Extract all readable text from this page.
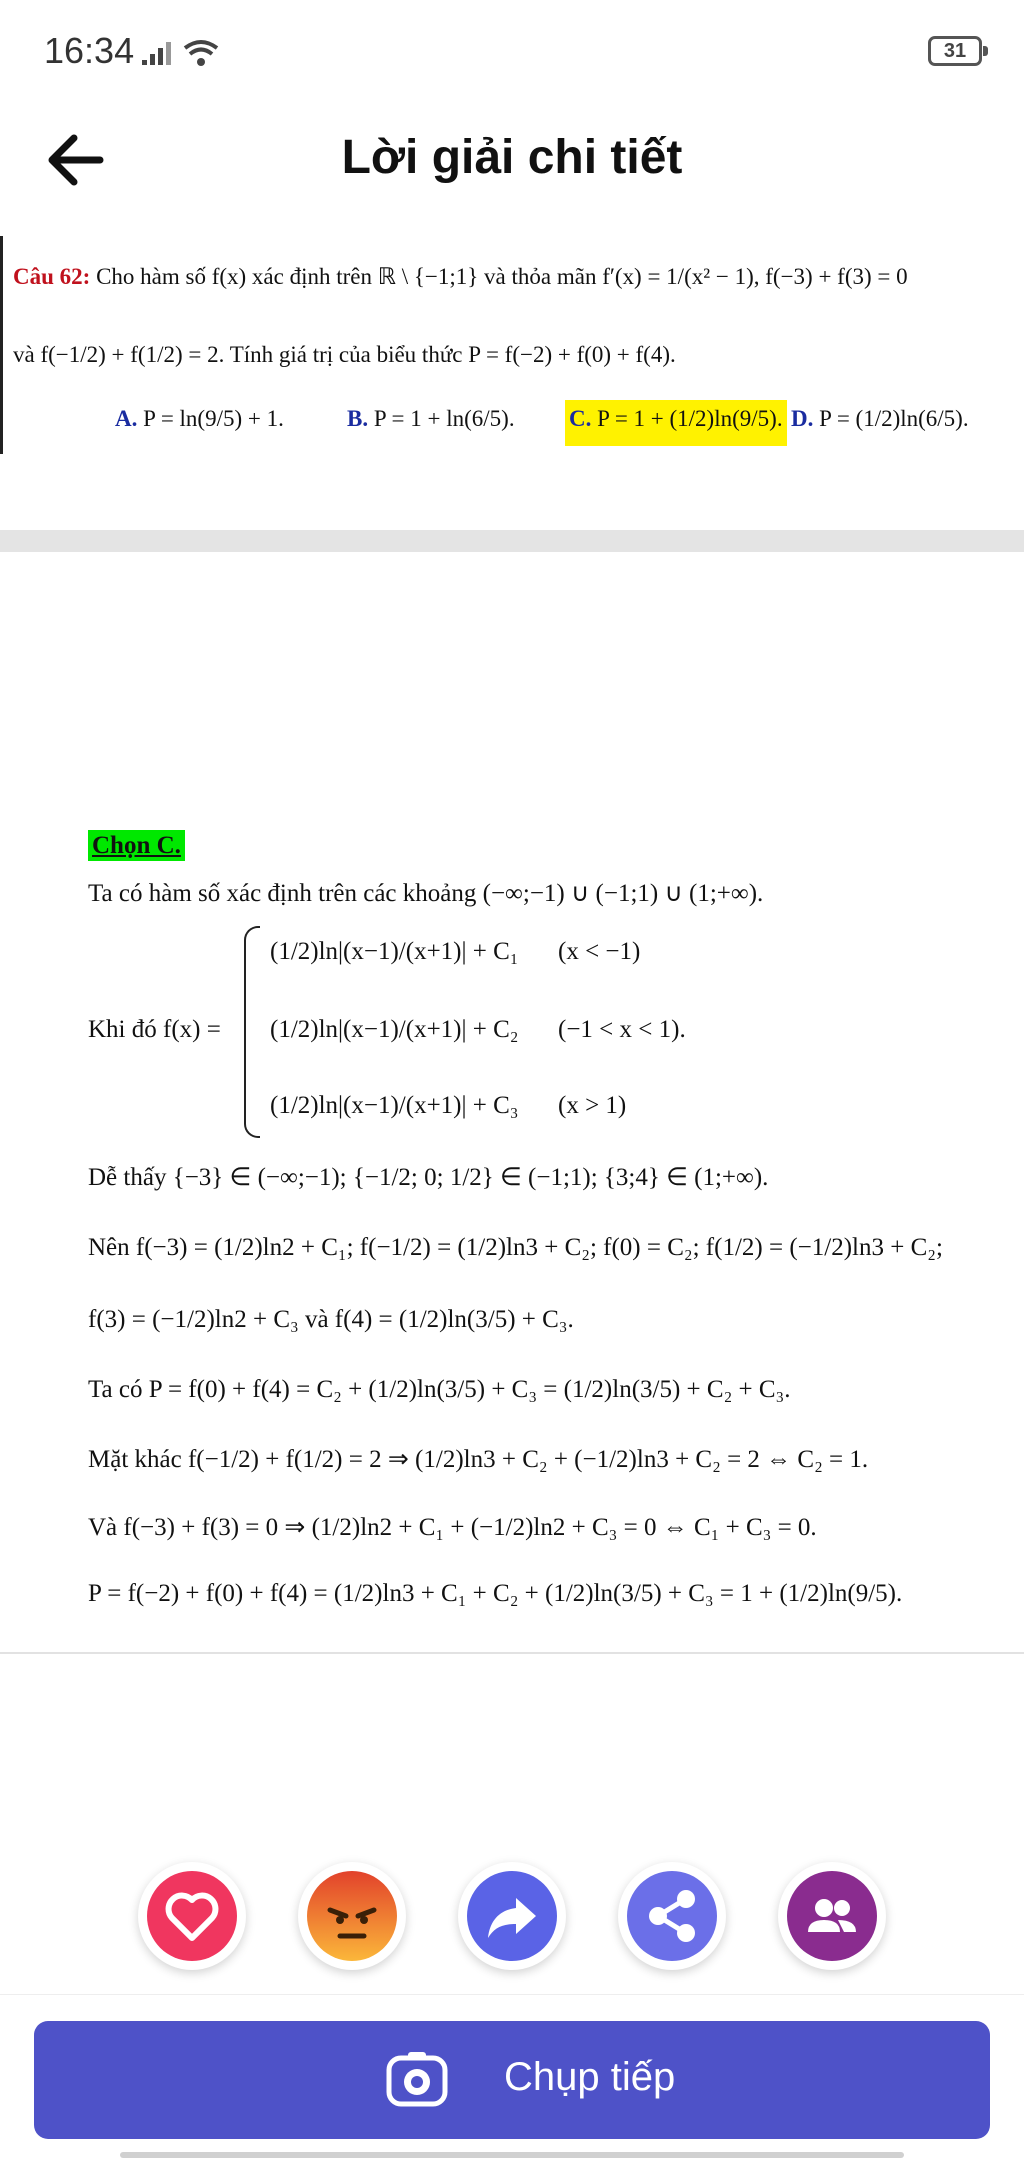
16:34	31
Lời giải chi tiết
Câu 62: Cho hàm số f(x) xác định trên ℝ \ {−1;1} và thỏa mãn f′(x) = 1/(x² − 1), f(−3) + f(3) = 0
và f(−1/2) + f(1/2) = 2. Tính giá trị của biểu thức P = f(−2) + f(0) + f(4).
A. P = ln(9/5) + 1.	B. P = 1 + ln(6/5). C. P = 1 + (1/2)ln(9/5). D. P = (1/2)ln(6/5).
Chọn C.
Ta có hàm số xác định trên các khoảng (−∞;−1) ∪ (−1;1) ∪ (1;+∞).
Khi đó f(x) =
(1/2)ln|(x−1)/(x+1)| + C₁ (x < −1)
(1/2)ln|(x−1)/(x+1)| + C₂ (−1 < x < 1).
(1/2)ln|(x−1)/(x+1)| + C₃ (x > 1)
Dễ thấy {−3} ∈ (−∞;−1); {−1/2; 0; 1/2} ∈ (−1;1); {3;4} ∈ (1;+∞).
Nên f(−3) = (1/2)ln2 + C₁; f(−1/2) = (1/2)ln3 + C₂; f(0) = C₂; f(1/2) = (−1/2)ln3 + C₂;
f(3) = (−1/2)ln2 + C₃ và f(4) = (1/2)ln(3/5) + C₃.
Ta có P = f(0) + f(4) = C₂ + (1/2)ln(3/5) + C₃ = (1/2)ln(3/5) + C₂ + C₃.
Mặt khác f(−1/2) + f(1/2) = 2 ⇒ (1/2)ln3 + C₂ + (−1/2)ln3 + C₂ = 2 ⇔ C₂ = 1.
Và f(−3) + f(3) = 0 ⇒ (1/2)ln2 + C₁ + (−1/2)ln2 + C₃ = 0 ⇔ C₁ + C₃ = 0.
P = f(−2) + f(0) + f(4) = (1/2)ln3 + C₁ + C₂ + (1/2)ln(3/5) + C₃ = 1 + (1/2)ln(9/5).
Chụp tiếp
